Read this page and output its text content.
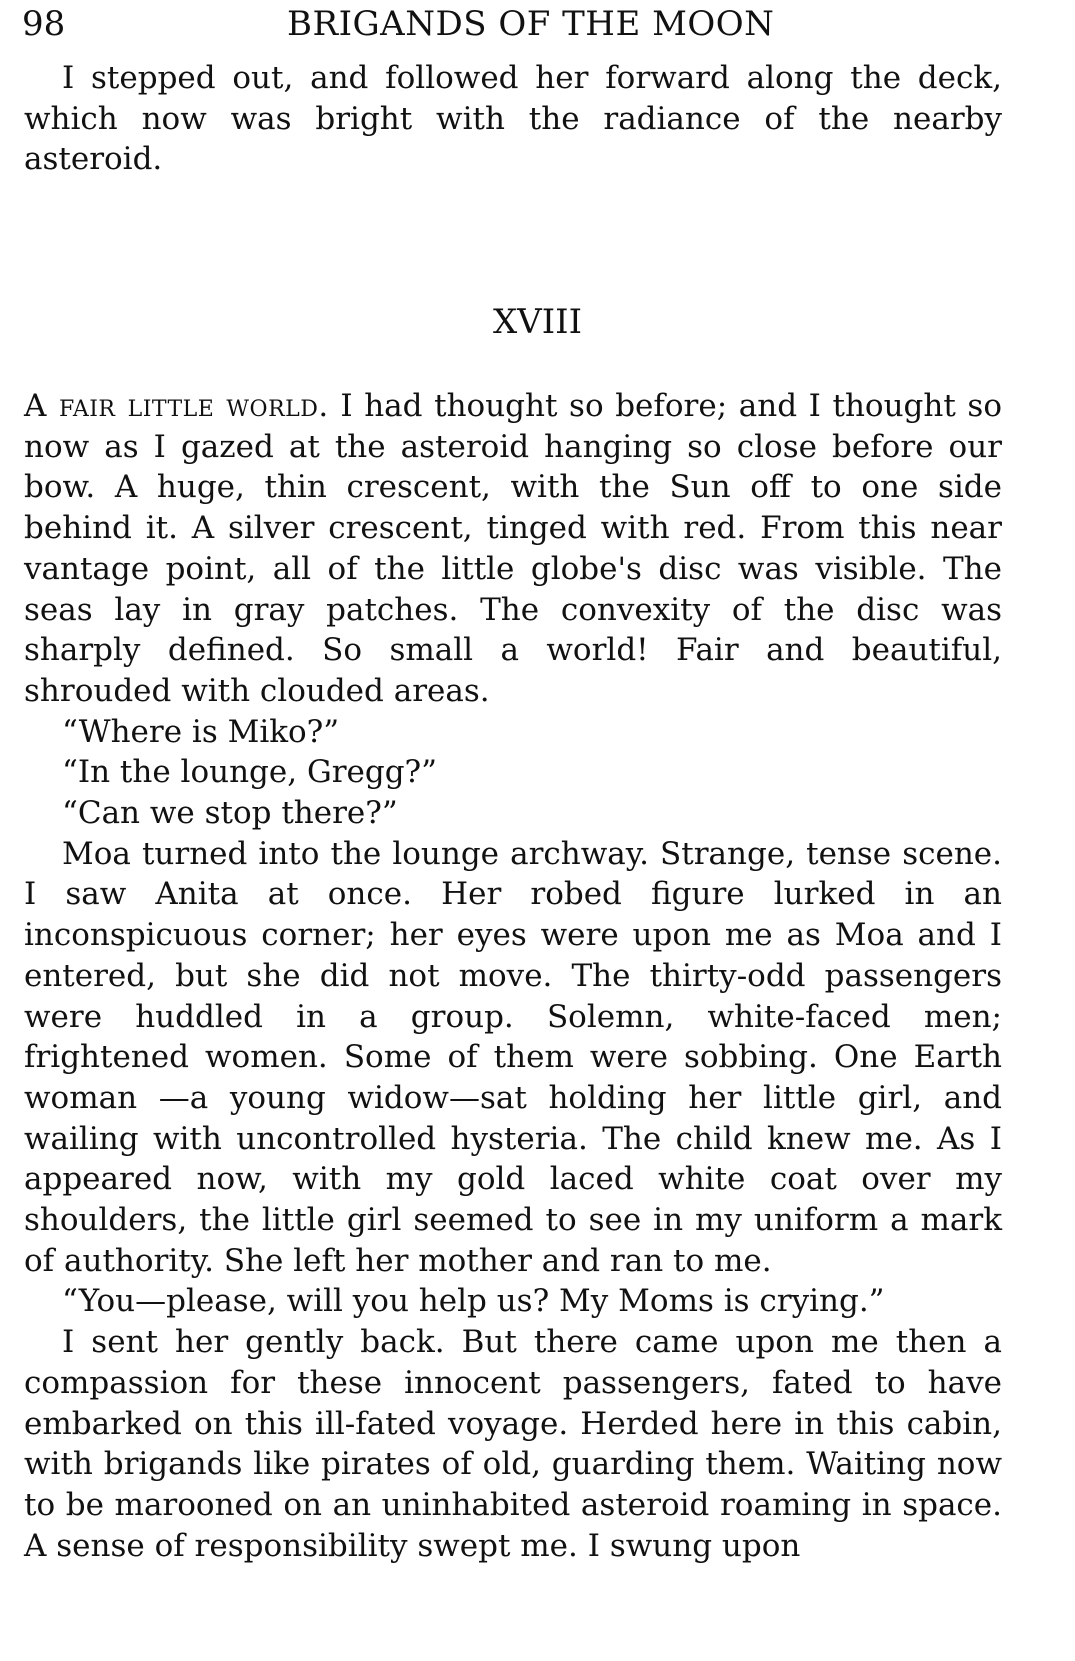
98	BRIGANDS OF THE MOON

I stepped out, and followed her forward along the deck, which now was bright with the radiance of the nearby asteroid.

XVIII

A fair little world. I had thought so before; and I thought so now as I gazed at the asteroid hanging so close before our bow. A huge, thin crescent, with the Sun off to one side behind it. A silver crescent, tinged with red. From this near vantage point, all of the little globe's disc was visible. The seas lay in gray patches. The convexity of the disc was sharply defined. So small a world! Fair and beautiful, shrouded with clouded areas.

“Where is Miko?”

“In the lounge, Gregg?”

“Can we stop there?”

Moa turned into the lounge archway. Strange, tense scene. I saw Anita at once. Her robed figure lurked in an inconspicuous corner; her eyes were upon me as Moa and I entered, but she did not move. The thirty-odd passengers were huddled in a group. Solemn, white-faced men; frightened women. Some of them were sobbing. One Earth woman —a young widow—sat holding her little girl, and wailing with uncontrolled hysteria. The child knew me. As I appeared now, with my gold laced white coat over my shoulders, the little girl seemed to see in my uniform a mark of authority. She left her mother and ran to me.

“You—please, will you help us? My Moms is crying.”

I sent her gently back. But there came upon me then a compassion for these innocent passengers, fated to have embarked on this ill-fated voyage. Herded here in this cabin, with brigands like pirates of old, guarding them. Waiting now to be marooned on an uninhabited asteroid roaming in space. A sense of responsibility swept me. I swung upon
